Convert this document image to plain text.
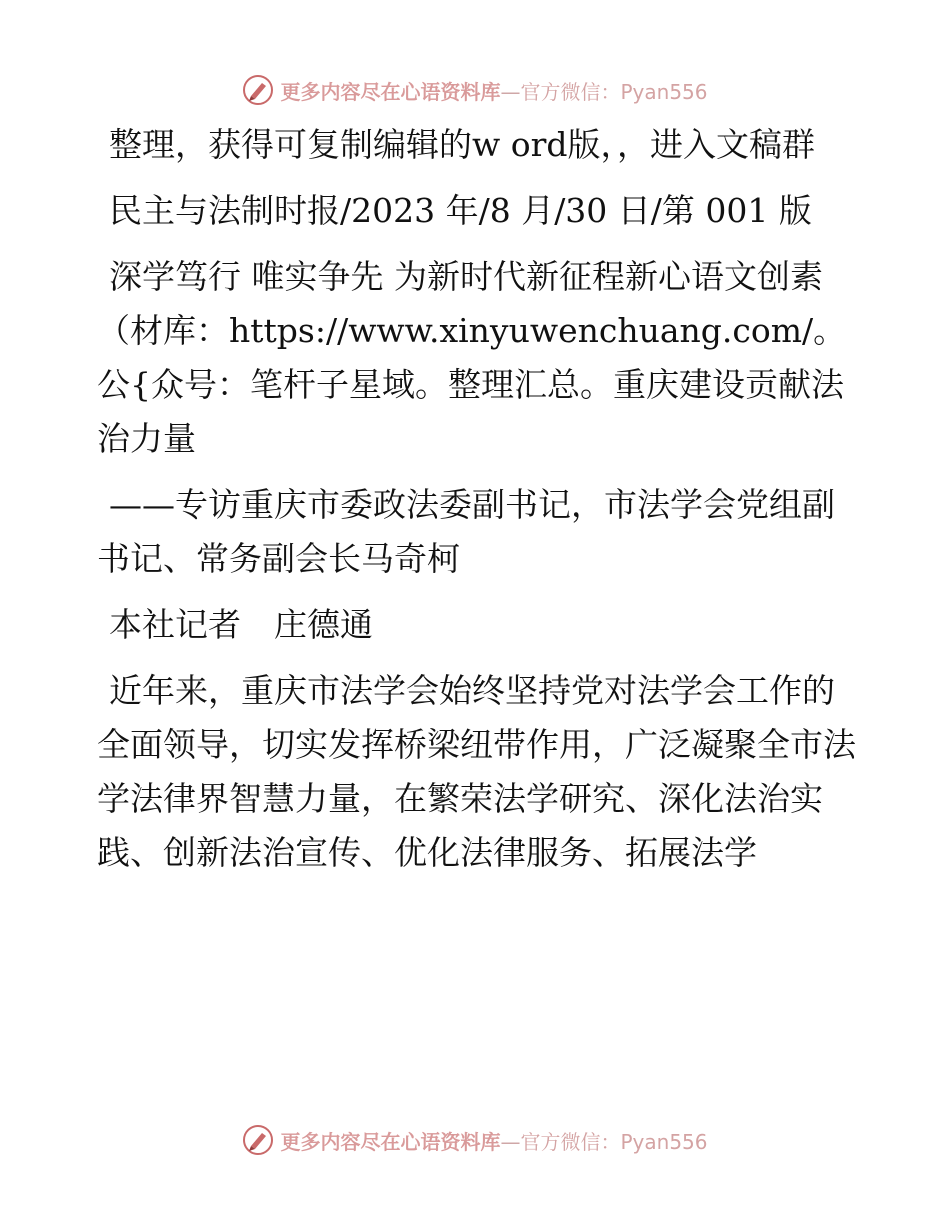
更多内容尽在心语资料库—官方微信：Pyan556

整理，获得可复制编辑的w ord版，，进入文稿群

民主与法制时报/2023 年/8 月/30 日/第 001 版

深学笃行 唯实争先 为新时代新征程新心语文创素（材库：https://www.xinyuwenchuang.com/。公{众号：笔杆子星域。整理汇总。重庆建设贡献法治力量

——专访重庆市委政法委副书记，市法学会党组副书记、常务副会长马奇柯

本社记者　庄德通

近年来，重庆市法学会始终坚持党对法学会工作的全面领导，切实发挥桥梁纽带作用，广泛凝聚全市法学法律界智慧力量，在繁荣法学研究、深化法治实践、创新法治宣传、优化法律服务、拓展法学

更多内容尽在心语资料库—官方微信：Pyan556
